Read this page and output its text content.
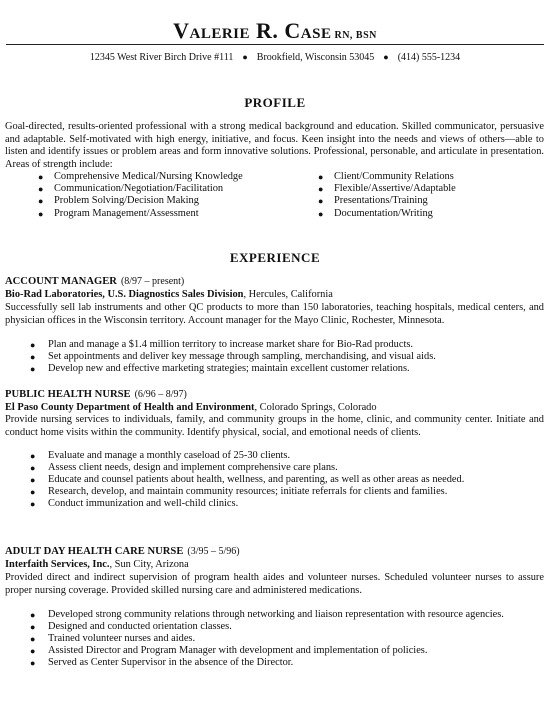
Valerie R. Case RN, BSN
12345 West River Birch Drive #111 ● Brookfield, Wisconsin 53045 ● (414) 555-1234
PROFILE
Goal-directed, results-oriented professional with a strong medical background and education. Skilled communicator, persuasive and adaptable. Self-motivated with high energy, initiative, and focus. Keen insight into the needs and views of others—able to listen and identify issues or problem areas and form innovative solutions. Professional, personable, and articulate in presentation. Areas of strength include:
● Comprehensive Medical/Nursing Knowledge
● Communication/Negotiation/Facilitation
● Problem Solving/Decision Making
● Program Management/Assessment
● Client/Community Relations
● Flexible/Assertive/Adaptable
● Presentations/Training
● Documentation/Writing
EXPERIENCE
ACCOUNT MANAGER (8/97 – present)
Bio-Rad Laboratories, U.S. Diagnostics Sales Division, Hercules, California
Successfully sell lab instruments and other QC products to more than 150 laboratories, teaching hospitals, medical centers, and physician offices in the Wisconsin territory. Account manager for the Mayo Clinic, Rochester, Minnesota.
● Plan and manage a $1.4 million territory to increase market share for Bio-Rad products.
● Set appointments and deliver key message through sampling, merchandising, and visual aids.
● Develop new and effective marketing strategies; maintain excellent customer relations.
PUBLIC HEALTH NURSE (6/96 – 8/97)
El Paso County Department of Health and Environment, Colorado Springs, Colorado
Provide nursing services to individuals, family, and community groups in the home, clinic, and community center. Initiate and conduct home visits within the community. Identify physical, social, and emotional needs of clients.
● Evaluate and manage a monthly caseload of 25-30 clients.
● Assess client needs, design and implement comprehensive care plans.
● Educate and counsel patients about health, wellness, and parenting, as well as other areas as needed.
● Research, develop, and maintain community resources; initiate referrals for clients and families.
● Conduct immunization and well-child clinics.
ADULT DAY HEALTH CARE NURSE (3/95 – 5/96)
Interfaith Services, Inc., Sun City, Arizona
Provided direct and indirect supervision of program health aides and volunteer nurses. Scheduled volunteer nurses to assure proper nursing coverage. Provided skilled nursing care and administered medications.
● Developed strong community relations through networking and liaison representation with resource agencies.
● Designed and conducted orientation classes.
● Trained volunteer nurses and aides.
● Assisted Director and Program Manager with development and implementation of policies.
● Served as Center Supervisor in the absence of the Director.
